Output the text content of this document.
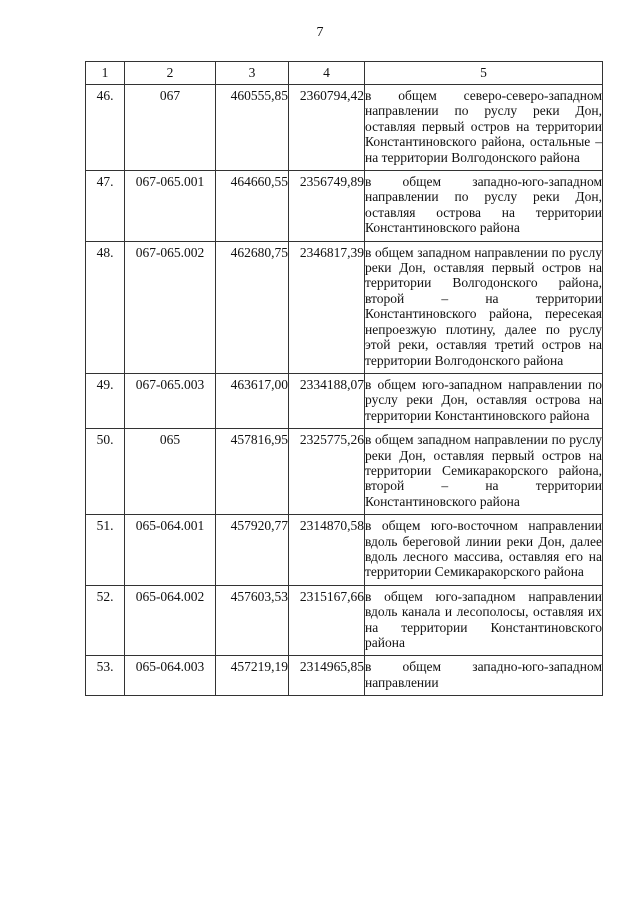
7
1	2	3	4	5
46.	067	460555,85	2360794,42	в общем северо-северо-западном направлении по руслу реки Дон, оставляя первый остров на территории Константиновского района, остальные – на территории Волгодонского района
47.	067-065.001	464660,55	2356749,89	в общем западно-юго-западном направлении по руслу реки Дон, оставляя острова на территории Константиновского района
48.	067-065.002	462680,75	2346817,39	в общем западном направлении по руслу реки Дон, оставляя первый остров на территории Волгодонского района, второй – на территории Константиновского района, пересекая непроезжую плотину, далее по руслу этой реки, оставляя третий остров на территории Волгодонского района
49.	067-065.003	463617,00	2334188,07	в общем юго-западном направлении по руслу реки Дон, оставляя острова на территории Константиновского района
50.	065	457816,95	2325775,26	в общем западном направлении по руслу реки Дон, оставляя первый остров на территории Семикаракорского района, второй – на территории Константиновского района
51.	065-064.001	457920,77	2314870,58	в общем юго-восточном направлении вдоль береговой линии реки Дон, далее вдоль лесного массива, оставляя его на территории Семикаракорского района
52.	065-064.002	457603,53	2315167,66	в общем юго-западном направлении вдоль канала и лесополосы, оставляя их на территории Константиновского района
53.	065-064.003	457219,19	2314965,85	в общем западно-юго-западном направлении
